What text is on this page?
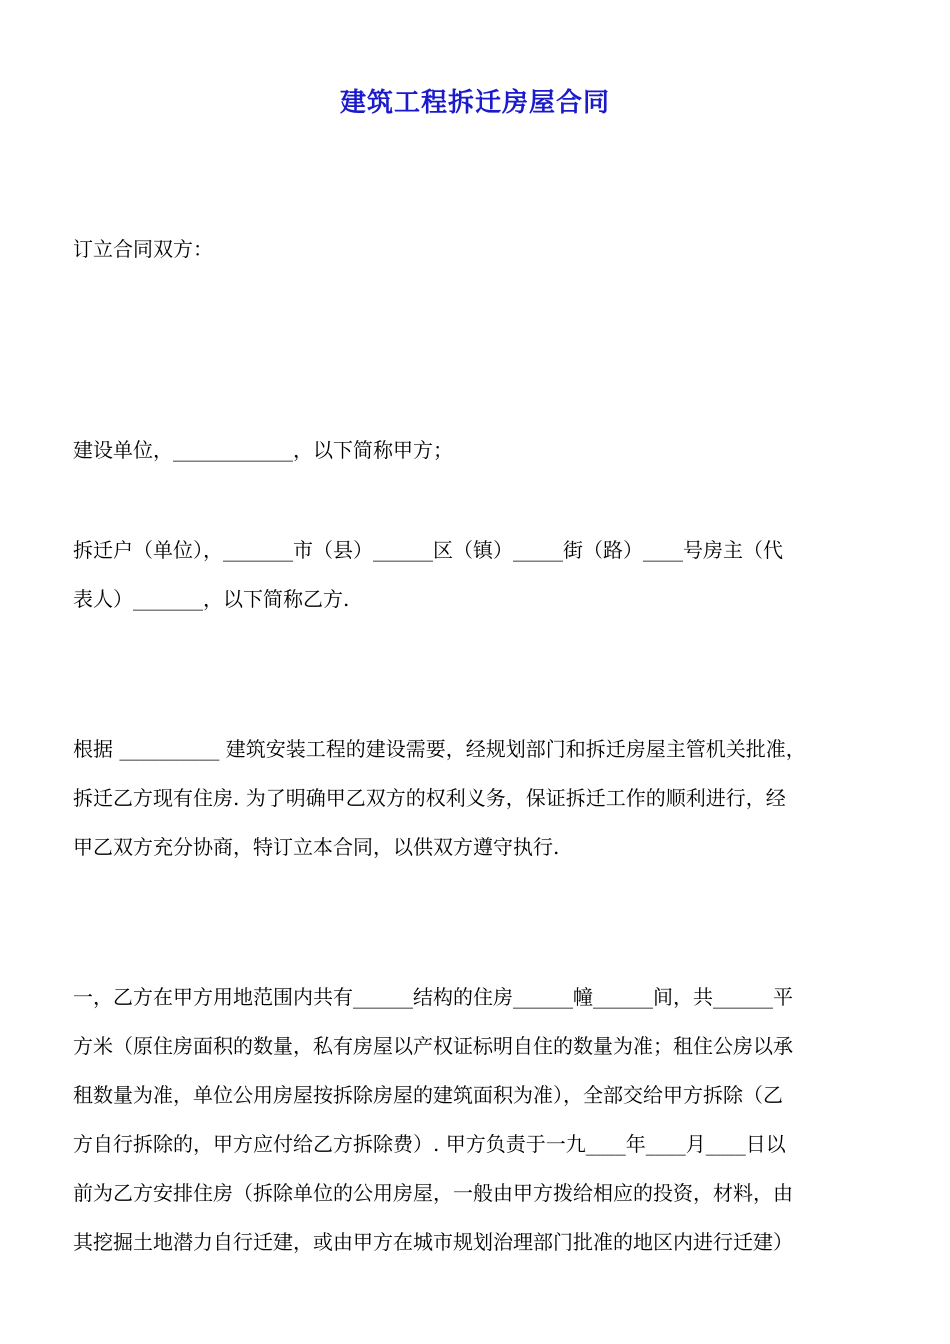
建筑工程拆迁房屋合同
订立合同双方：
建设单位，____________，以下简称甲方；
拆迁户（单位），_______市（县）______区（镇）_____街（路）____号房主（代
表人）_______，以下简称乙方.
根据 __________ 建筑安装工程的建设需要，经规划部门和拆迁房屋主管机关批准，
拆迁乙方现有住房. 为了明确甲乙双方的权利义务，保证拆迁工作的顺利进行，经
甲乙双方充分协商，特订立本合同，以供双方遵守执行.
一，乙方在甲方用地范围内共有______结构的住房______幢______间，共______平
方米（原住房面积的数量，私有房屋以产权证标明自住的数量为准；租住公房以承
租数量为准，单位公用房屋按拆除房屋的建筑面积为准），全部交给甲方拆除（乙
方自行拆除的，甲方应付给乙方拆除费）. 甲方负责于一九____年____月____日以
前为乙方安排住房（拆除单位的公用房屋，一般由甲方拨给相应的投资，材料，由
其挖掘土地潜力自行迁建，或由甲方在城市规划治理部门批准的地区内进行迁建）
